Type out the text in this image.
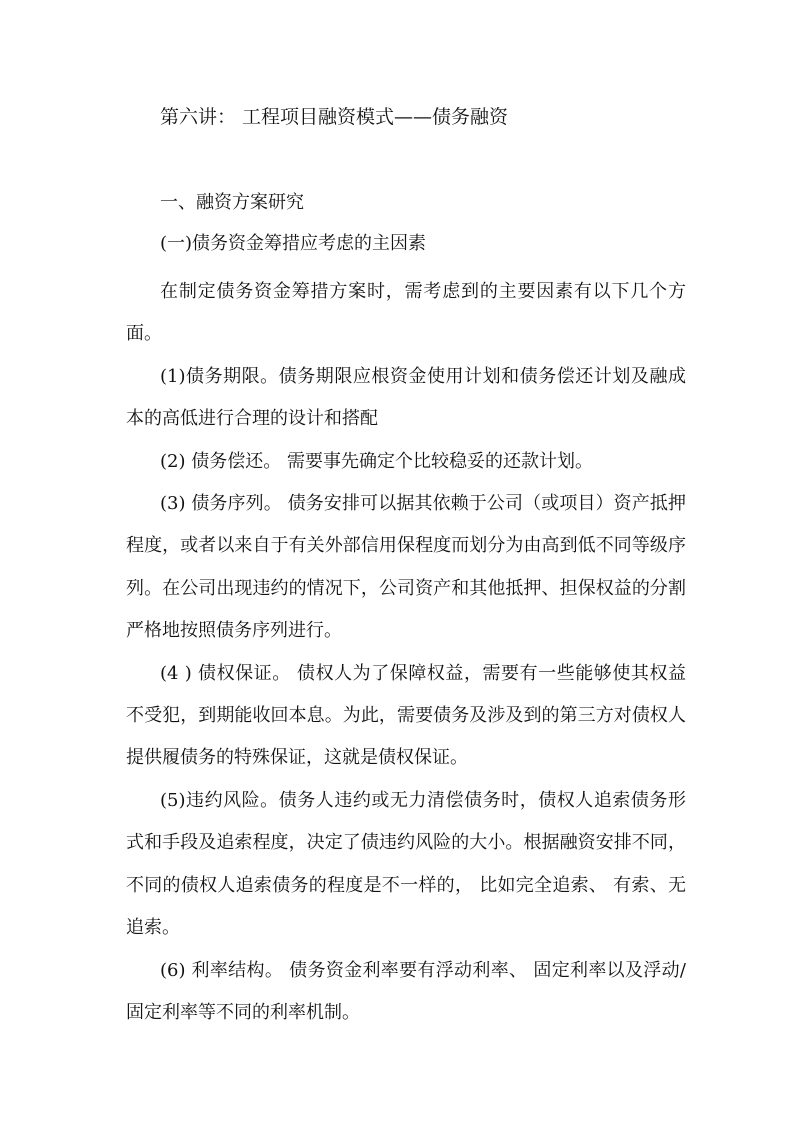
第六讲： 工程项目融资模式——债务融资
一、融资方案研究
(一)债务资金筹措应考虑的主因素

在制定债务资金筹措方案时，需考虑到的主要因素有以下几个方面。

(1)债务期限。债务期限应根资金使用计划和债务偿还计划及融成本的高低进行合理的设计和搭配

(2) 债务偿还。 需要事先确定个比较稳妥的还款计划。

(3) 债务序列。 债务安排可以据其依赖于公司（或项目）资产抵押程度，或者以来自于有关外部信用保程度而划分为由高到低不同等级序列。在公司出现违约的情况下，公司资产和其他抵押、担保权益的分割严格地按照债务序列进行。

(4 ) 债权保证。 债权人为了保障权益，需要有一些能够使其权益不受犯，到期能收回本息。为此，需要债务及涉及到的第三方对债权人提供履债务的特殊保证，这就是债权保证。

(5)违约风险。债务人违约或无力清偿债务时，债权人追索债务形式和手段及追索程度，决定了债违约风险的大小。根据融资安排不同，不同的债权人追索债务的程度是不一样的， 比如完全追索、 有索、无追索。

(6) 利率结构。 债务资金利率要有浮动利率、 固定利率以及浮动/固定利率等不同的利率机制。
